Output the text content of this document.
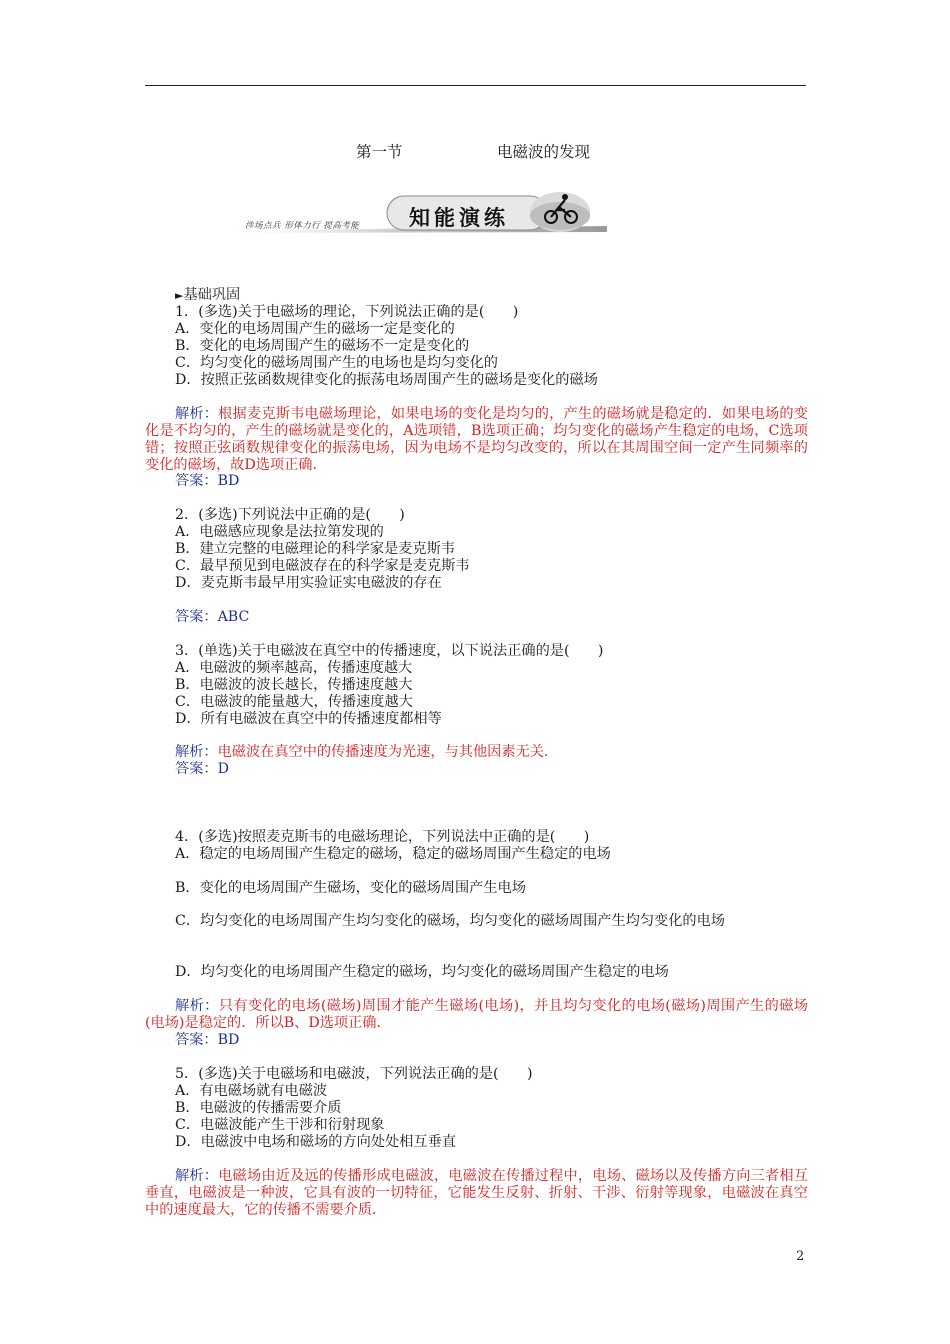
第一节	电磁波的发现
涉场点兵 形体力行 提高考能 知能演练
►基础巩固
1．(多选)关于电磁场的理论，下列说法正确的是(　　)
A．变化的电场周围产生的磁场一定是变化的
B．变化的电场周围产生的磁场不一定是变化的
C．均匀变化的磁场周围产生的电场也是均匀变化的
D．按照正弦函数规律变化的振荡电场周围产生的磁场是变化的磁场
解析：根据麦克斯韦电磁场理论，如果电场的变化是均匀的，产生的磁场就是稳定的．如果电场的变化是不均匀的，产生的磁场就是变化的，A选项错，B选项正确；均匀变化的磁场产生稳定的电场，C选项错；按照正弦函数规律变化的振荡电场，因为电场不是均匀改变的，所以在其周围空间一定产生同频率的变化的磁场，故D选项正确．
答案：BD
2．(多选)下列说法中正确的是(　　)
A．电磁感应现象是法拉第发现的
B．建立完整的电磁理论的科学家是麦克斯韦
C．最早预见到电磁波存在的科学家是麦克斯韦
D．麦克斯韦最早用实验证实电磁波的存在
答案：ABC
3．(单选)关于电磁波在真空中的传播速度，以下说法正确的是(　　)
A．电磁波的频率越高，传播速度越大
B．电磁波的波长越长，传播速度越大
C．电磁波的能量越大，传播速度越大
D．所有电磁波在真空中的传播速度都相等
解析：电磁波在真空中的传播速度为光速，与其他因素无关．
答案：D
4．(多选)按照麦克斯韦的电磁场理论，下列说法中正确的是(　　)
A．稳定的电场周围产生稳定的磁场，稳定的磁场周围产生稳定的电场
B．变化的电场周围产生磁场，变化的磁场周围产生电场
C．均匀变化的电场周围产生均匀变化的磁场，均匀变化的磁场周围产生均匀变化的电场
D．均匀变化的电场周围产生稳定的磁场，均匀变化的磁场周围产生稳定的电场
解析：只有变化的电场(磁场)周围才能产生磁场(电场)，并且均匀变化的电场(磁场)周围产生的磁场(电场)是稳定的．所以B、D选项正确．
答案：BD
5．(多选)关于电磁场和电磁波，下列说法正确的是(　　)
A．有电磁场就有电磁波
B．电磁波的传播需要介质
C．电磁波能产生干涉和衍射现象
D．电磁波中电场和磁场的方向处处相互垂直
解析：电磁场由近及远的传播形成电磁波，电磁波在传播过程中，电场、磁场以及传播方向三者相互垂直，电磁波是一种波，它具有波的一切特征，它能发生反射、折射、干涉、衍射等现象，电磁波在真空中的速度最大，它的传播不需要介质．
2
